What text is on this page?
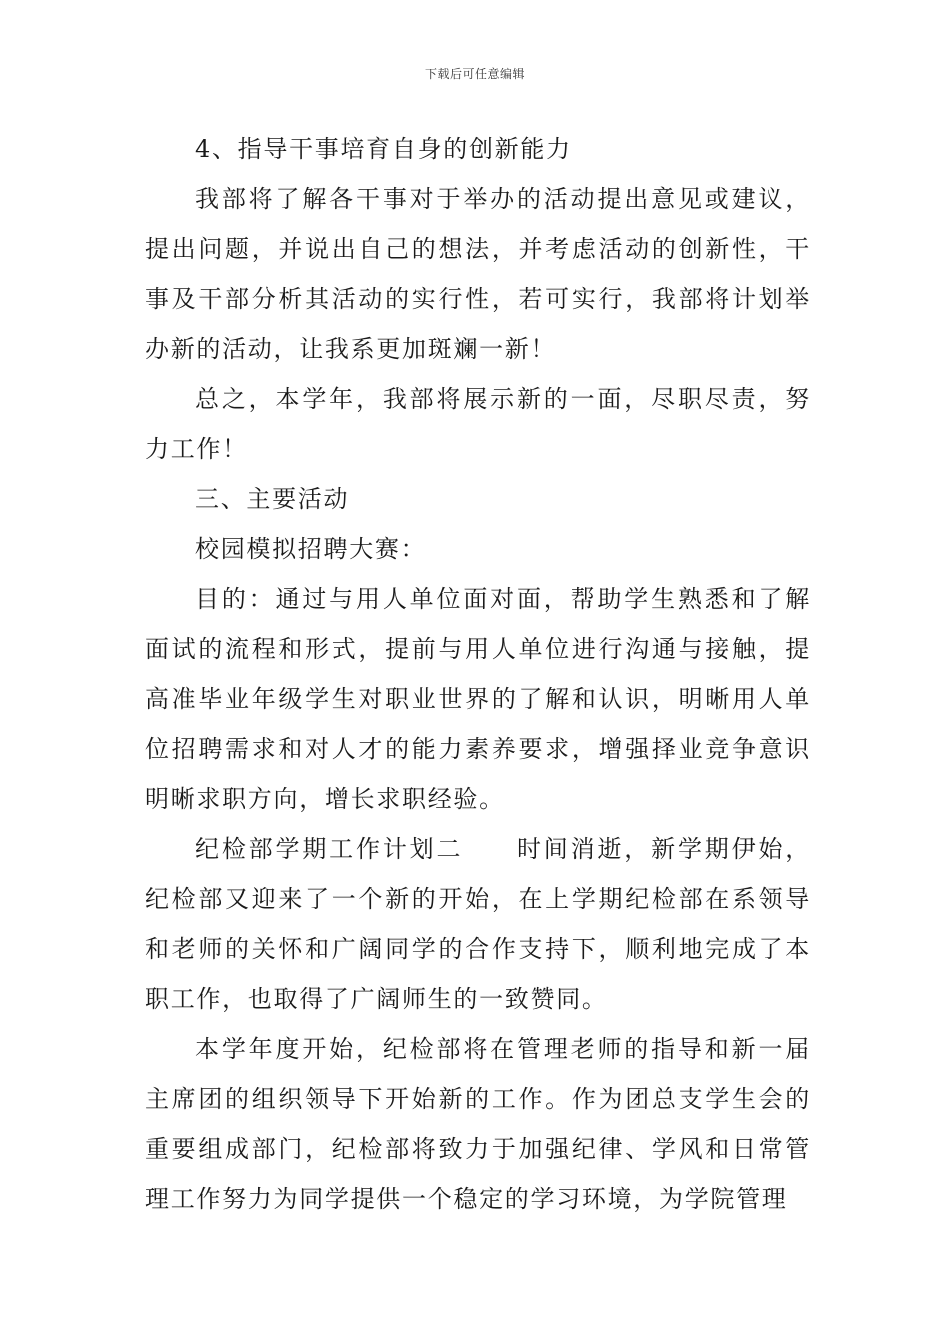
下载后可任意编辑

4、指导干事培育自身的创新能力

我部将了解各干事对于举办的活动提出意见或建议，提出问题，并说出自己的想法，并考虑活动的创新性，干事及干部分析其活动的实行性，若可实行，我部将计划举办新的活动，让我系更加斑斓一新！

总之，本学年，我部将展示新的一面，尽职尽责，努力工作！

三、主要活动

校园模拟招聘大赛：

目的：通过与用人单位面对面，帮助学生熟悉和了解面试的流程和形式，提前与用人单位进行沟通与接触，提高准毕业年级学生对职业世界的了解和认识，明晰用人单位招聘需求和对人才的能力素养要求，增强择业竞争意识明晰求职方向，增长求职经验。

纪检部学期工作计划二　　时间消逝，新学期伊始，纪检部又迎来了一个新的开始，在上学期纪检部在系领导和老师的关怀和广阔同学的合作支持下，顺利地完成了本职工作，也取得了广阔师生的一致赞同。

本学年度开始，纪检部将在管理老师的指导和新一届主席团的组织领导下开始新的工作。作为团总支学生会的重要组成部门，纪检部将致力于加强纪律、学风和日常管理工作努力为同学提供一个稳定的学习环境，为学院管理
